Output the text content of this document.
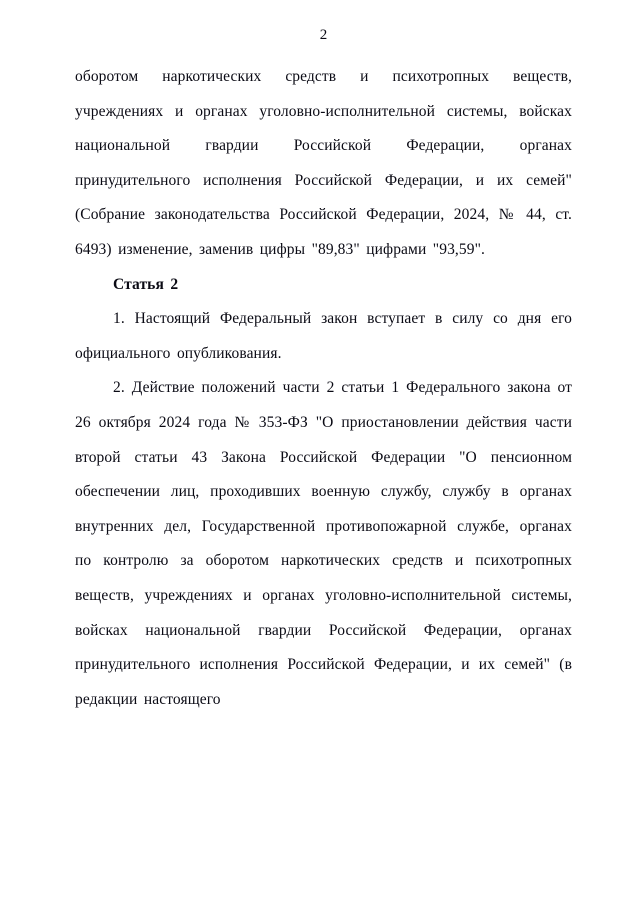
2

оборотом наркотических средств и психотропных веществ, учреждениях и органах уголовно-исполнительной системы, войсках национальной гвардии Российской Федерации, органах принудительного исполнения Российской Федерации, и их семей" (Собрание законодательства Российской Федерации, 2024, № 44, ст. 6493) изменение, заменив цифры "89,83" цифрами "93,59".

Статья 2

1. Настоящий Федеральный закон вступает в силу со дня его официального опубликования.

2. Действие положений части 2 статьи 1 Федерального закона от 26 октября 2024 года № 353-ФЗ "О приостановлении действия части второй статьи 43 Закона Российской Федерации "О пенсионном обеспечении лиц, проходивших военную службу, службу в органах внутренних дел, Государственной противопожарной службе, органах по контролю за оборотом наркотических средств и психотропных веществ, учреждениях и органах уголовно-исполнительной системы, войсках национальной гвардии Российской Федерации, органах принудительного исполнения Российской Федерации, и их семей" (в редакции настоящего
